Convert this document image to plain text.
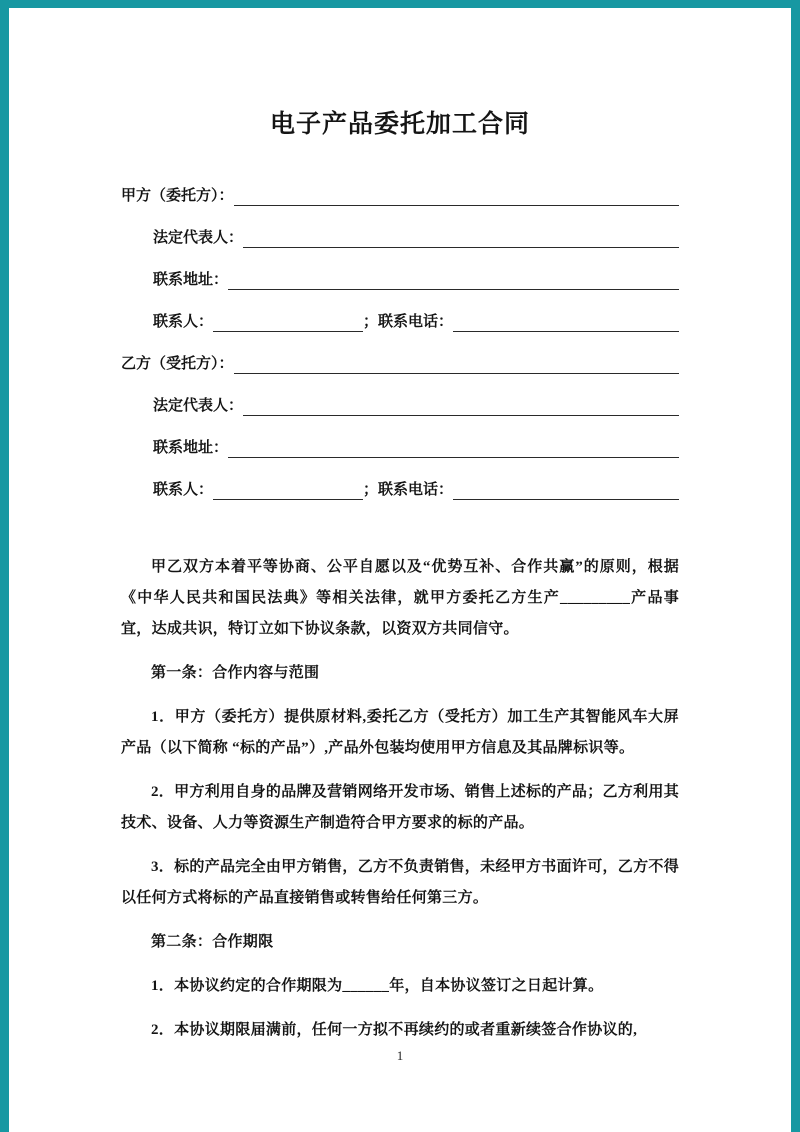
电子产品委托加工合同
甲方（委托方）：
法定代表人：
联系地址：
联系人：	；联系电话：
乙方（受托方）：
法定代表人：
联系地址：
联系人：	；联系电话：

甲乙双方本着平等协商、公平自愿以及“优势互补、合作共赢”的原则，根据《中华人民共和国民法典》等相关法律，就甲方委托乙方生产_________产品事宜，达成共识，特订立如下协议条款，以资双方共同信守。

第一条：合作内容与范围

1．甲方（委托方）提供原材料,委托乙方（受托方）加工生产其智能风车大屏产品（以下简称 “标的产品”）,产品外包装均使用甲方信息及其品牌标识等。

2．甲方利用自身的品牌及营销网络开发市场、销售上述标的产品；乙方利用其技术、设备、人力等资源生产制造符合甲方要求的标的产品。

3．标的产品完全由甲方销售，乙方不负责销售，未经甲方书面许可，乙方不得以任何方式将标的产品直接销售或转售给任何第三方。

第二条：合作期限

1．本协议约定的合作期限为______年，自本协议签订之日起计算。

2．本协议期限届满前，任何一方拟不再续约的或者重新续签合作协议的,

1
